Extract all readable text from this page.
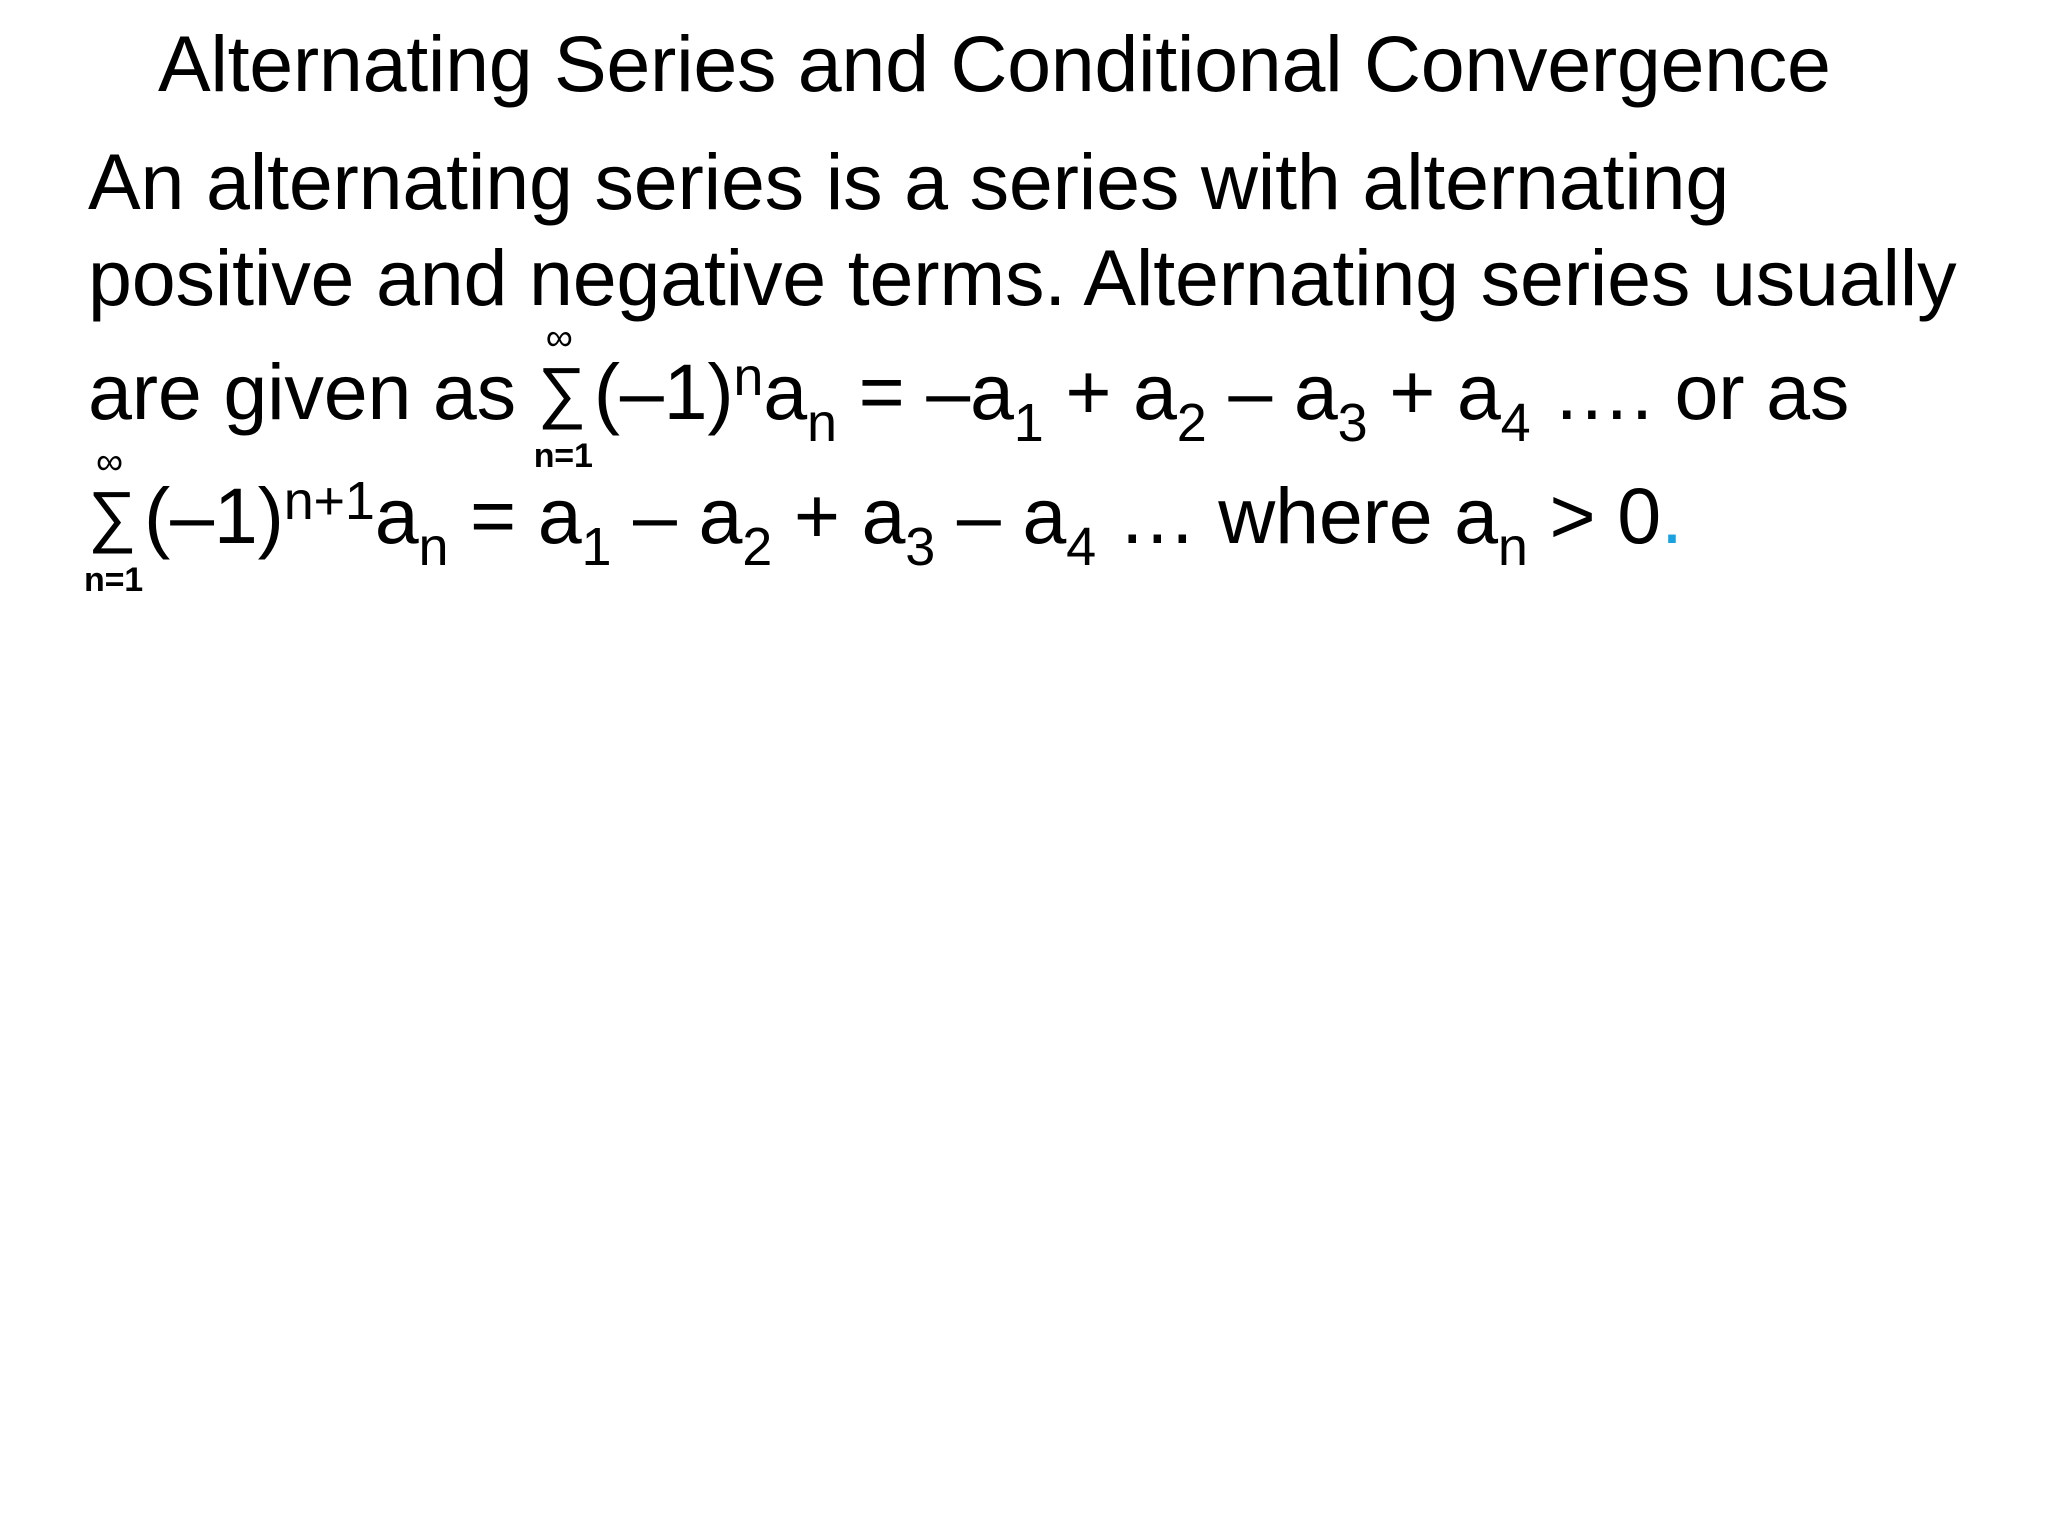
Alternating Series and Conditional Convergence
An alternating series is a series with alternating
positive and negative terms. Alternating series usually
are given as
∞
∑
n=1
$(-1)^na_n = -a_1 + a_2 - a_3 + a_4$ …. or as
∞
∑
n=1
$(-1)^{n+1}a_n = a_1 - a_2 + a_3 - a_4$ … where $a_n > 0$.
